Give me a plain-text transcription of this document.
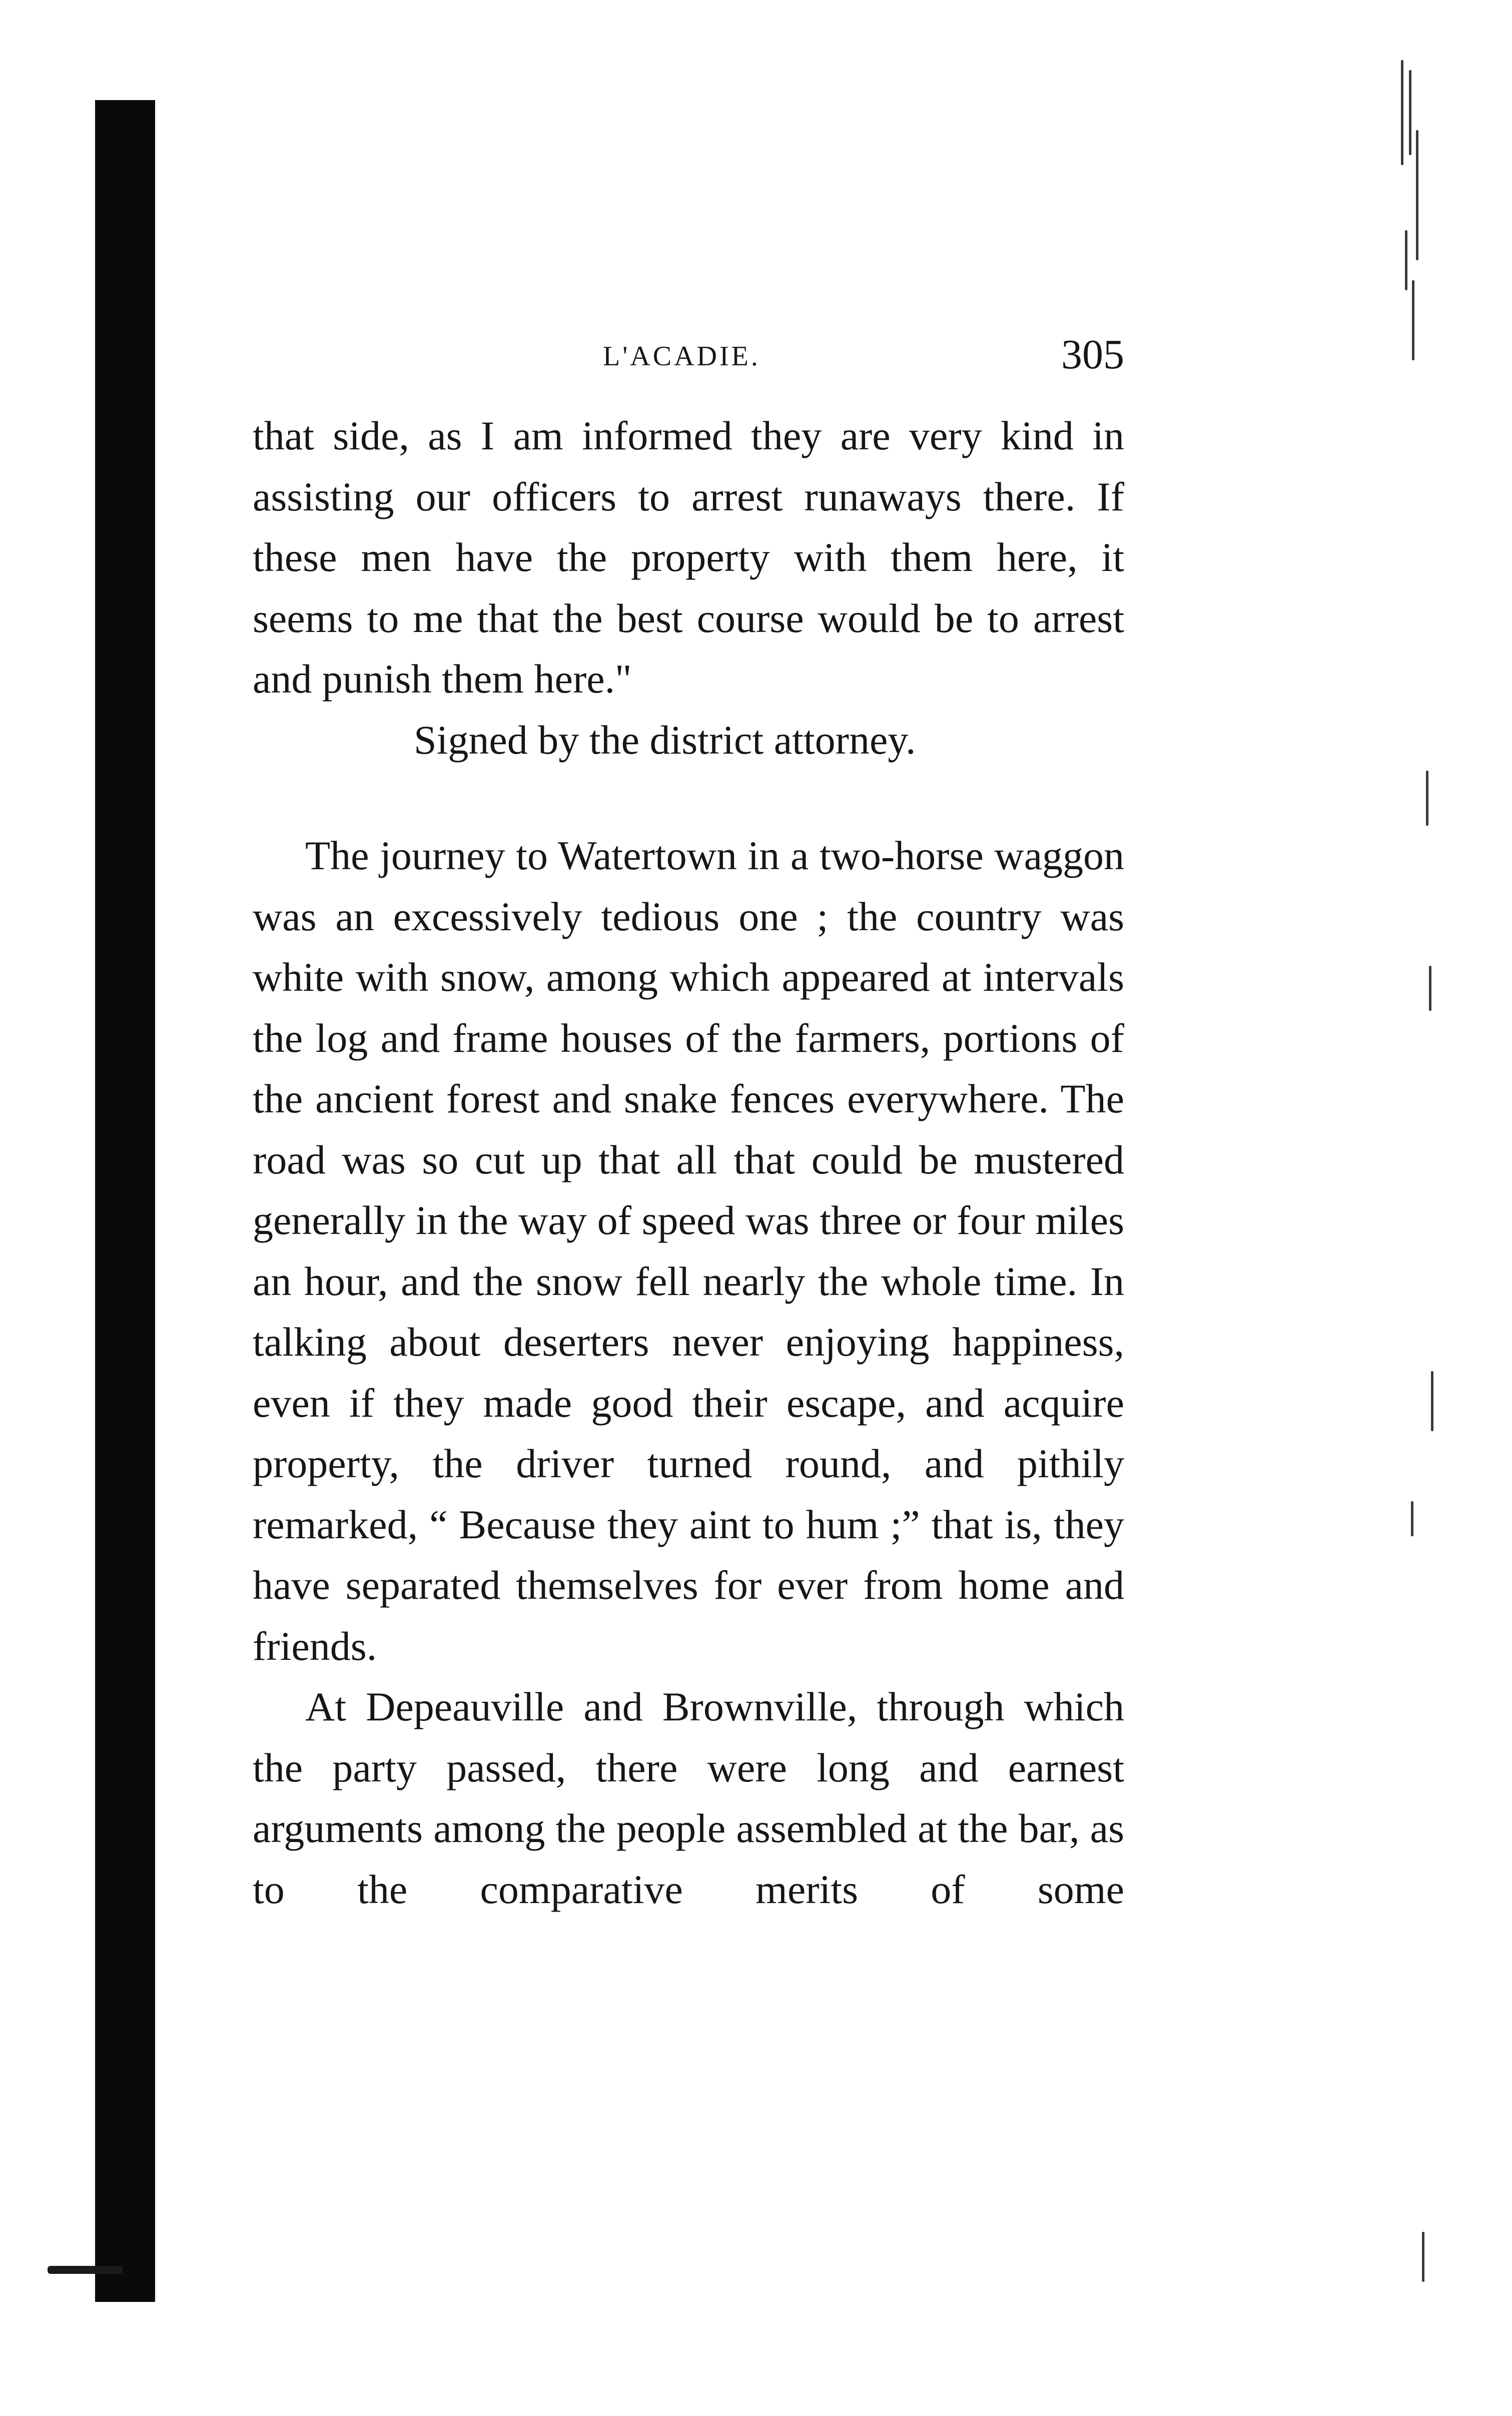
L'ACADIE.	305

that side, as I am informed they are very kind in assisting our officers to arrest runaways there. If these men have the property with them here, it seems to me that the best course would be to arrest and punish them here."

Signed by the district attorney.

The journey to Watertown in a two-horse waggon was an excessively tedious one ; the country was white with snow, among which appeared at intervals the log and frame houses of the farmers, portions of the ancient forest and snake fences everywhere. The road was so cut up that all that could be mustered generally in the way of speed was three or four miles an hour, and the snow fell nearly the whole time. In talking about deserters never enjoying happiness, even if they made good their escape, and acquire property, the driver turned round, and pithily remarked, “ Because they aint to hum ;” that is, they have separated themselves for ever from home and friends.

At Depeauville and Brownville, through which the party passed, there were long and earnest arguments among the people assembled at the bar, as to the comparative merits of some
